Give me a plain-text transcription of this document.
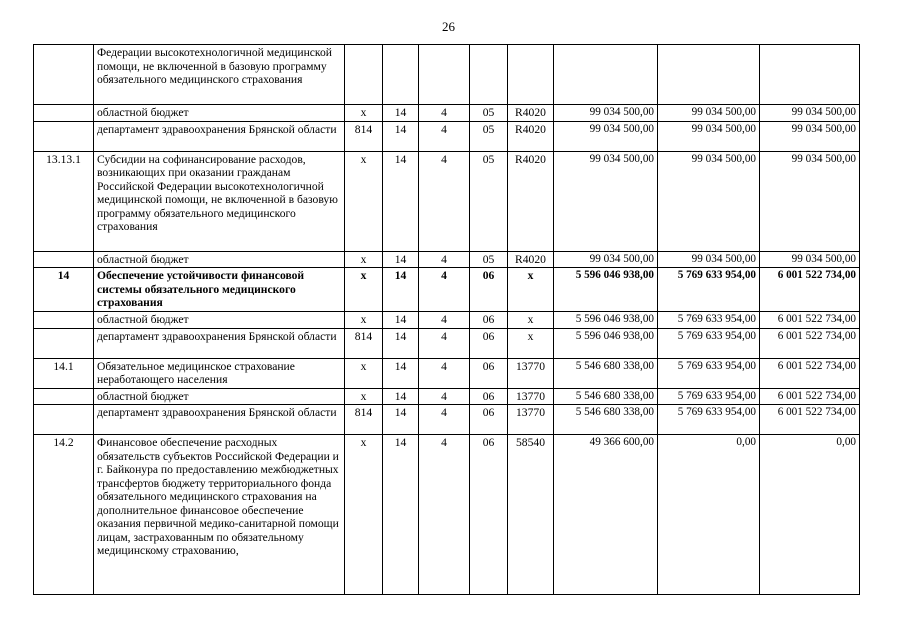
26
	Федерации высокотехнологичной медицинской помощи, не включенной в базовую программу обязательного медицинского страхования								
	областной бюджет	х	14	4	05	R4020	99 034 500,00	99 034 500,00	99 034 500,00
	департамент здравоохранения Брянской области	814	14	4	05	R4020	99 034 500,00	99 034 500,00	99 034 500,00
13.13.1	Субсидии на софинансирование расходов, возникающих при оказании гражданам Российской Федерации высокотехнологичной медицинской помощи, не включенной в базовую программу обязательного медицинского страхования	х	14	4	05	R4020	99 034 500,00	99 034 500,00	99 034 500,00
	областной бюджет	х	14	4	05	R4020	99 034 500,00	99 034 500,00	99 034 500,00
14	Обеспечение устойчивости финансовой системы обязательного медицинского страхования	х	14	4	06	х	5 596 046 938,00	5 769 633 954,00	6 001 522 734,00
	областной бюджет	х	14	4	06	х	5 596 046 938,00	5 769 633 954,00	6 001 522 734,00
	департамент здравоохранения Брянской области	814	14	4	06	х	5 596 046 938,00	5 769 633 954,00	6 001 522 734,00
14.1	Обязательное медицинское страхование неработающего населения	х	14	4	06	13770	5 546 680 338,00	5 769 633 954,00	6 001 522 734,00
	областной бюджет	х	14	4	06	13770	5 546 680 338,00	5 769 633 954,00	6 001 522 734,00
	департамент здравоохранения Брянской области	814	14	4	06	13770	5 546 680 338,00	5 769 633 954,00	6 001 522 734,00
14.2	Финансовое обеспечение расходных обязательств субъектов Российской Федерации и г. Байконура по предоставлению межбюджетных трансфертов бюджету территориального фонда обязательного медицинского страхования на дополнительное финансовое обеспечение оказания первичной медико-санитарной помощи лицам, застрахованным по обязательному медицинскому страхованию,	х	14	4	06	58540	49 366 600,00	0,00	0,00
